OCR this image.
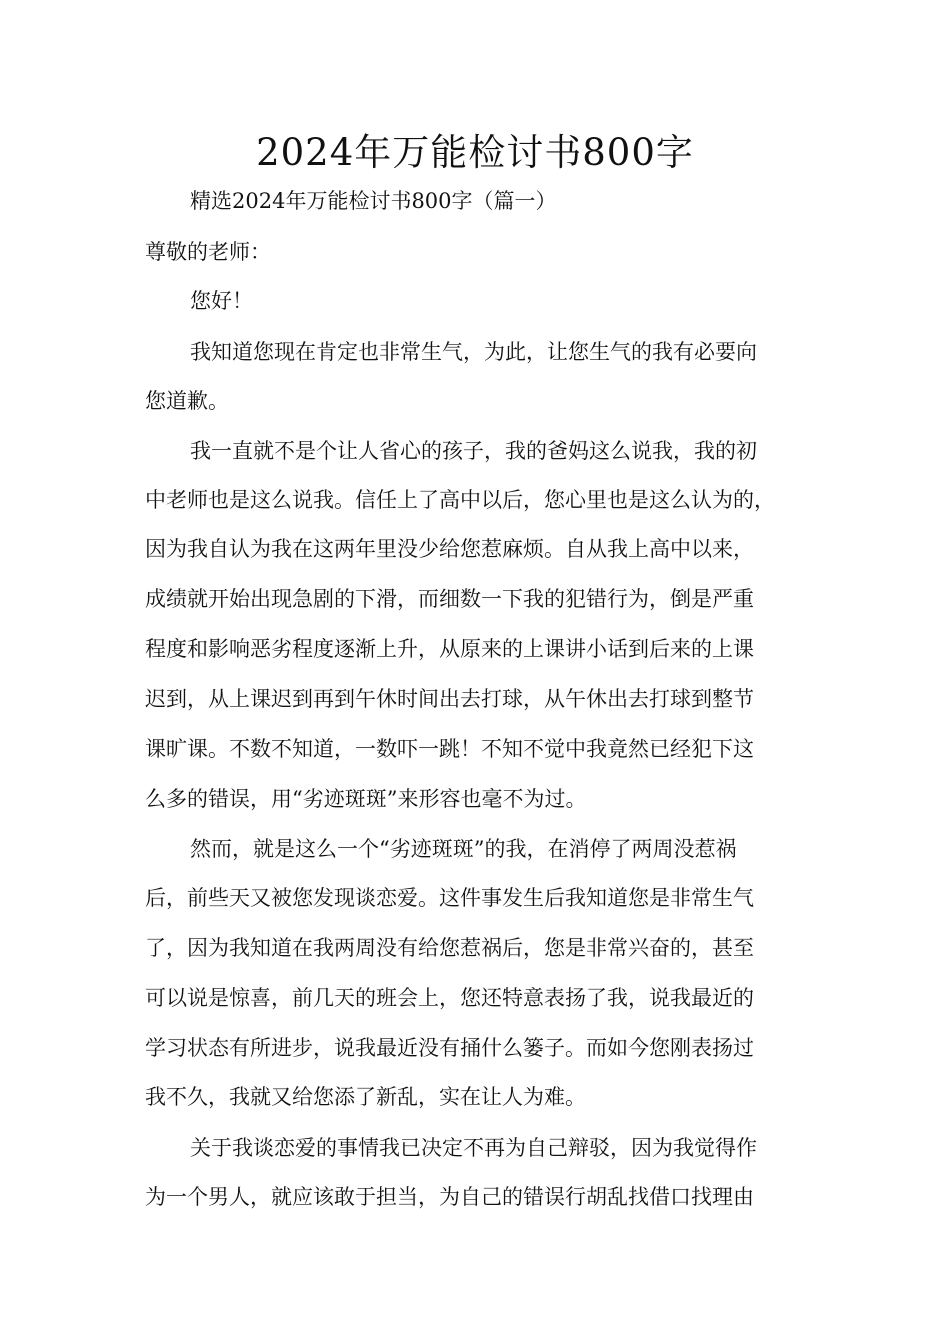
2024年万能检讨书800字
精选2024年万能检讨书800字（篇一）
尊敬的老师：
您好！
我知道您现在肯定也非常生气，为此，让您生气的我有必要向
您道歉。
我一直就不是个让人省心的孩子，我的爸妈这么说我，我的初
中老师也是这么说我。信任上了高中以后，您心里也是这么认为的，
因为我自认为我在这两年里没少给您惹麻烦。自从我上高中以来，
成绩就开始出现急剧的下滑，而细数一下我的犯错行为，倒是严重
程度和影响恶劣程度逐渐上升，从原来的上课讲小话到后来的上课
迟到，从上课迟到再到午休时间出去打球，从午休出去打球到整节
课旷课。不数不知道，一数吓一跳！不知不觉中我竟然已经犯下这
么多的错误，用“劣迹斑斑”来形容也毫不为过。
然而，就是这么一个“劣迹斑斑”的我，在消停了两周没惹祸
后，前些天又被您发现谈恋爱。这件事发生后我知道您是非常生气
了，因为我知道在我两周没有给您惹祸后，您是非常兴奋的，甚至
可以说是惊喜，前几天的班会上，您还特意表扬了我，说我最近的
学习状态有所进步，说我最近没有捅什么篓子。而如今您刚表扬过
我不久，我就又给您添了新乱，实在让人为难。
关于我谈恋爱的事情我已决定不再为自己辩驳，因为我觉得作
为一个男人，就应该敢于担当，为自己的错误行胡乱找借口找理由
